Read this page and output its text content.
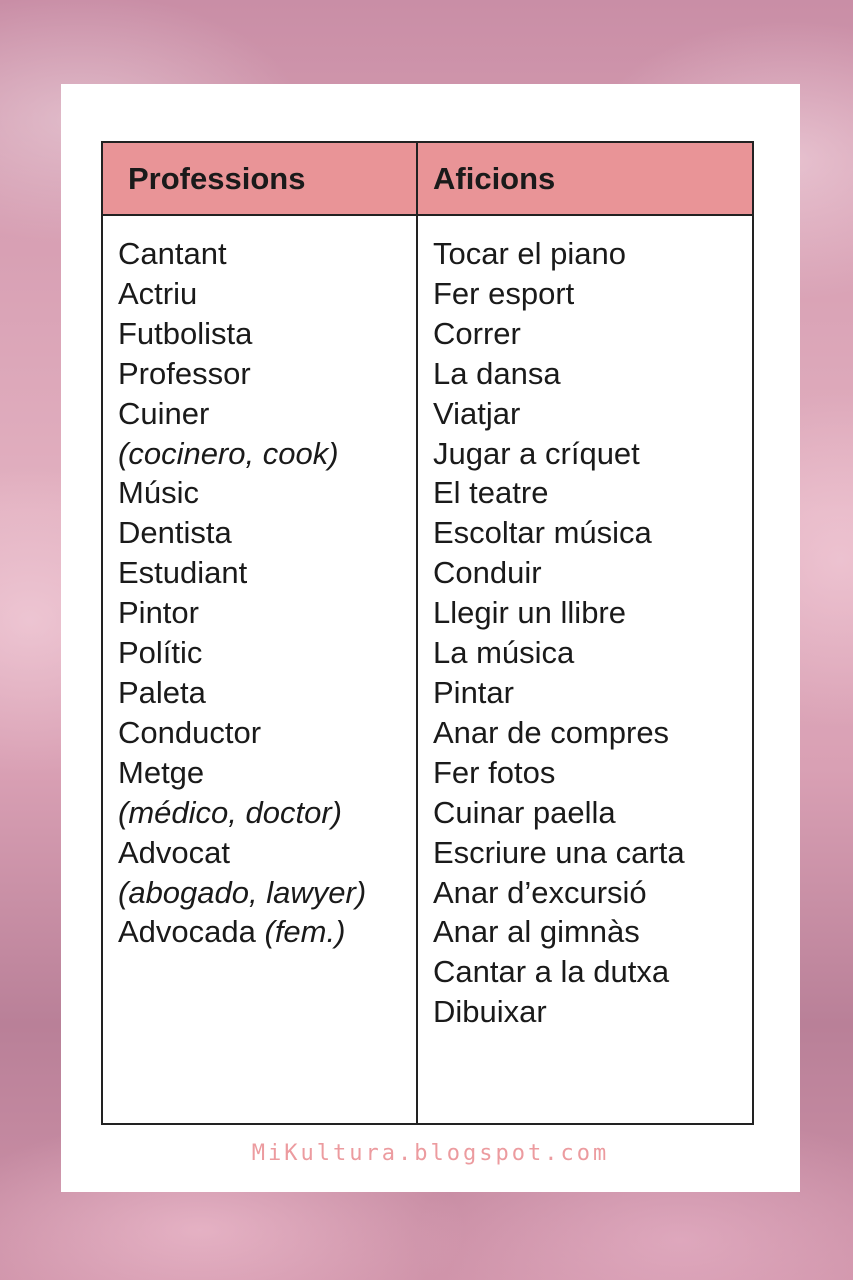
Professions	Aficions
Cantant
Actriu
Futbolista
Professor
Cuiner
(cocinero, cook)
Músic
Dentista
Estudiant
Pintor
Polític
Paleta
Conductor
Metge
(médico, doctor)
Advocat
(abogado, lawyer)
Advocada (fem.)
Tocar el piano
Fer esport
Correr
La dansa
Viatjar
Jugar a críquet
El teatre
Escoltar música
Conduir
Llegir un llibre
La música
Pintar
Anar de compres
Fer fotos
Cuinar paella
Escriure una carta
Anar d’excursió
Anar al gimnàs
Cantar a la dutxa
Dibuixar
MiKultura.blogspot.com
